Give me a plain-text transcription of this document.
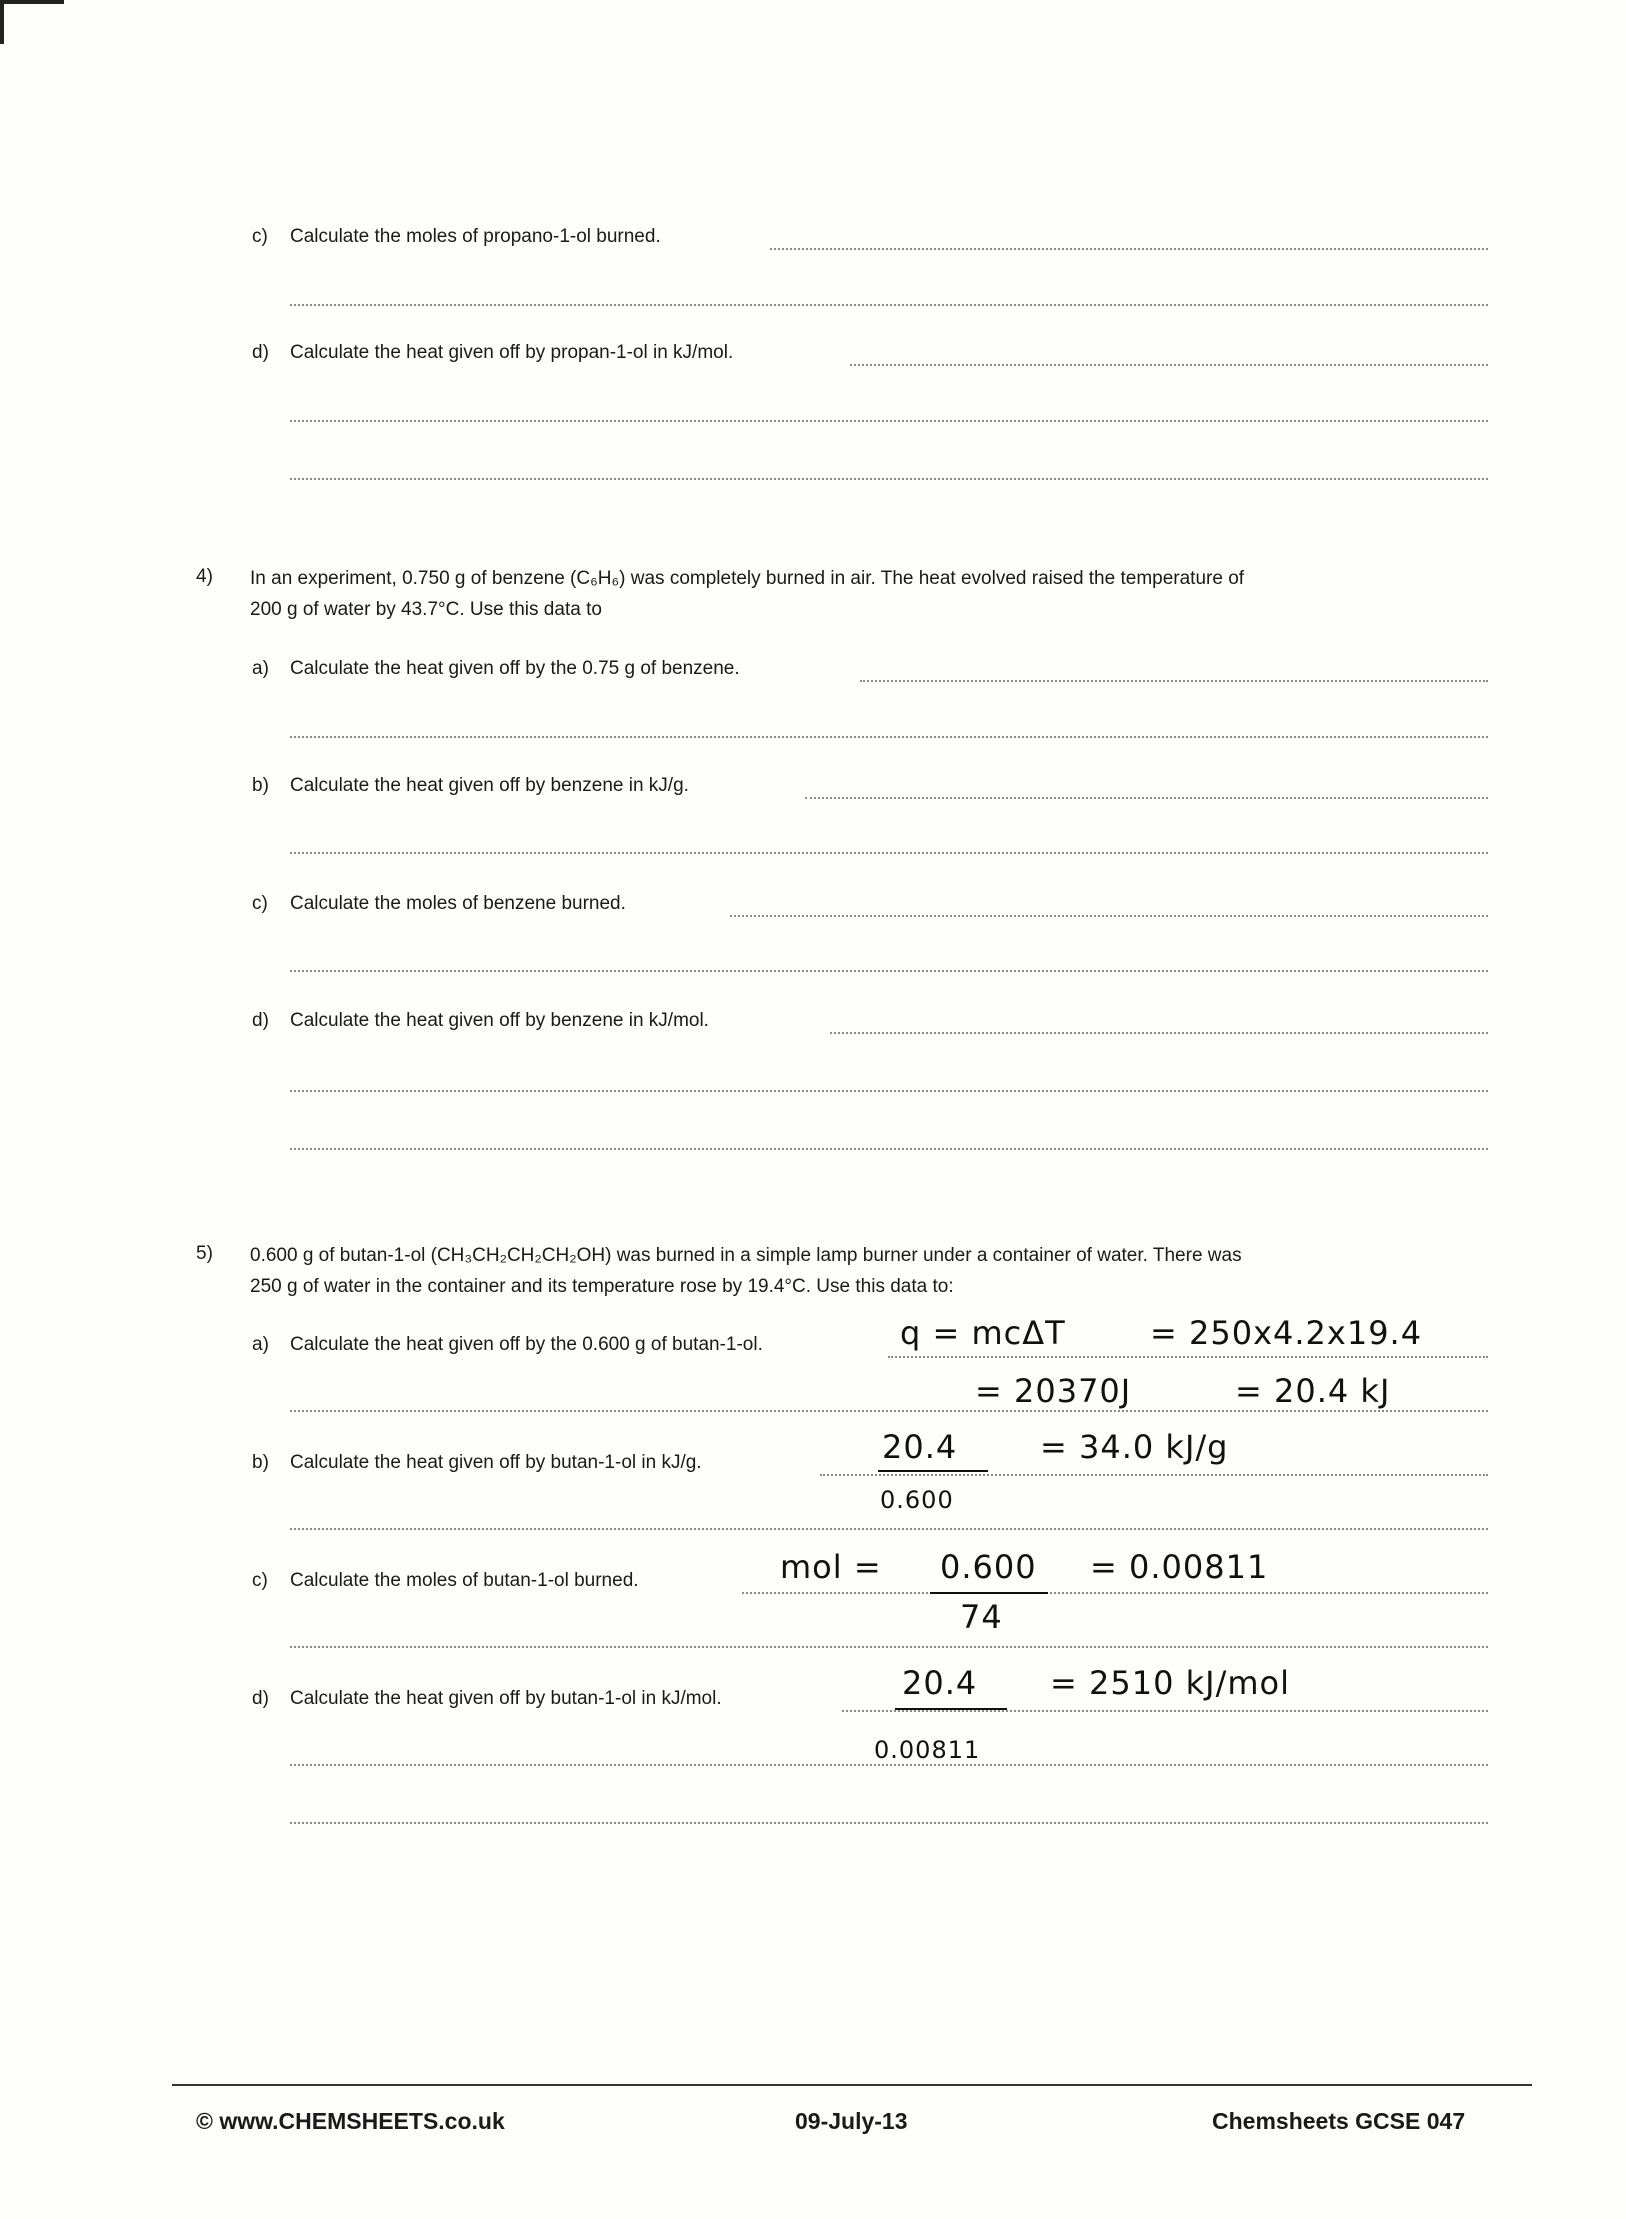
c) Calculate the moles of propano-1-ol burned.
d) Calculate the heat given off by propan-1-ol in kJ/mol.
4) In an experiment, 0.750 g of benzene (C₆H₆) was completely burned in air. The heat evolved raised the temperature of
200 g of water by 43.7°C. Use this data to
a) Calculate the heat given off by the 0.75 g of benzene.
b) Calculate the heat given off by benzene in kJ/g.
c) Calculate the moles of benzene burned.
d) Calculate the heat given off by benzene in kJ/mol.
5) 0.600 g of butan-1-ol (CH₃CH₂CH₂CH₂OH) was burned in a simple lamp burner under a container of water. There was
250 g of water in the container and its temperature rose by 19.4°C. Use this data to:
a) Calculate the heat given off by the 0.600 g of butan-1-ol.	q = mcΔT	= 250x4.2x19.4
= 20370J	= 20.4 kJ
b) Calculate the heat given off by butan-1-ol in kJ/g.	20.4
0.600
= 34.0 kJ/g
c) Calculate the moles of butan-1-ol burned.	mol = 0.600
74
= 0.00811
d) Calculate the heat given off by butan-1-ol in kJ/mol.	20.4
0.00811
= 2510 kJ/mol
© www.CHEMSHEETS.co.uk	09-July-13	Chemsheets GCSE 047
